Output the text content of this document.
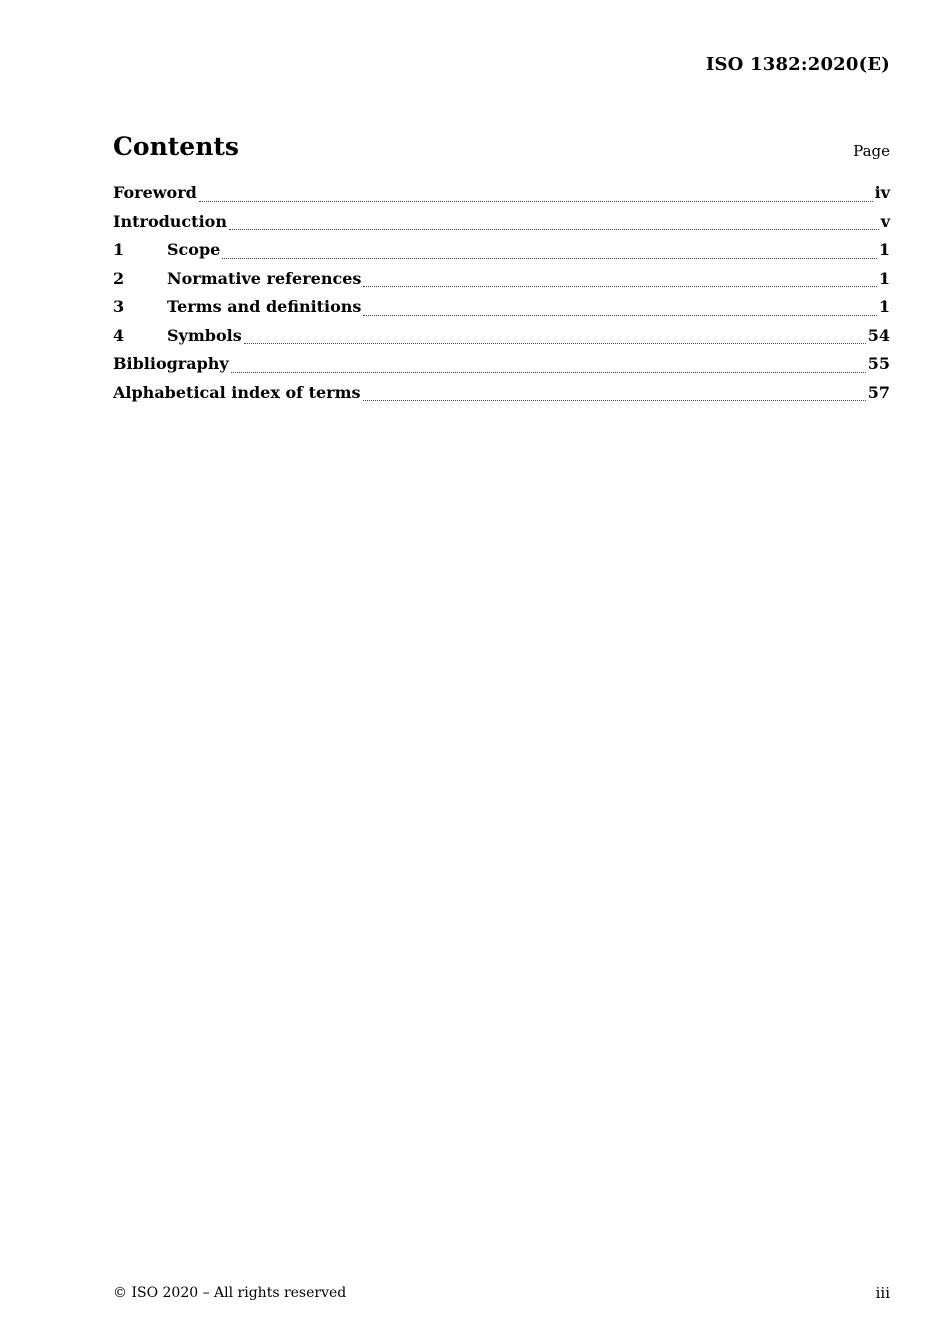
ISO 1382:2020(E)
Contents	Page
Foreword	iv
Introduction	v
1	Scope	1
2	Normative references	1
3	Terms and definitions	1
4	Symbols	54
Bibliography	55
Alphabetical index of terms	57
© ISO 2020 – All rights reserved	iii
